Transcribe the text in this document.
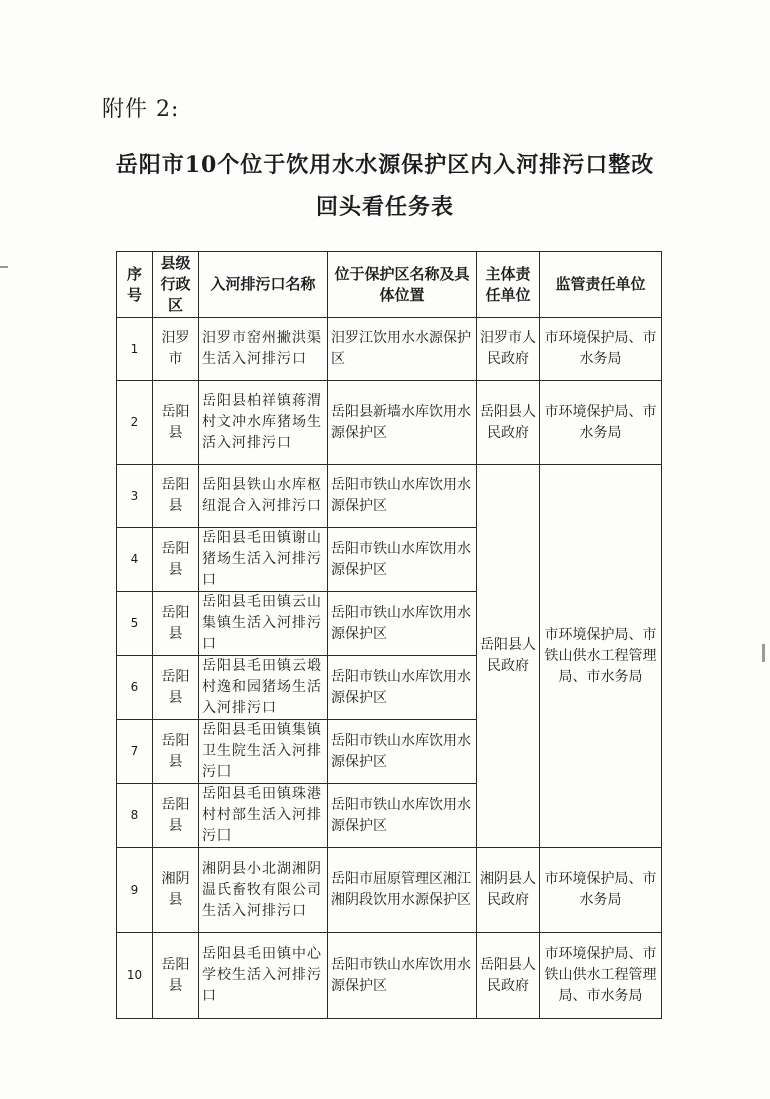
附件 2:
岳阳市10个位于饮用水水源保护区内入河排污口整改
回头看任务表
序号	县级行政区	入河排污口名称	位于保护区名称及具体位置	主体责任单位	监管责任单位
1	汨罗市	汨罗市窑州撇洪渠生活入河排污口	汨罗江饮用水水源保护区	汨罗市人民政府	市环境保护局、市水务局
2	岳阳县	岳阳县柏祥镇蒋渭村文冲水库猪场生活入河排污口	岳阳县新墙水库饮用水源保护区	岳阳县人民政府	市环境保护局、市水务局
3	岳阳县	岳阳县铁山水库枢纽混合入河排污口	岳阳市铁山水库饮用水源保护区	岳阳县人民政府	市环境保护局、市铁山供水工程管理局、市水务局
4	岳阳县	岳阳县毛田镇谢山猪场生活入河排污口	岳阳市铁山水库饮用水源保护区		
5	岳阳县	岳阳县毛田镇云山集镇生活入河排污口	岳阳市铁山水库饮用水源保护区		
6	岳阳县	岳阳县毛田镇云塅村逸和园猪场生活入河排污口	岳阳市铁山水库饮用水源保护区		
7	岳阳县	岳阳县毛田镇集镇卫生院生活入河排污囗	岳阳市铁山水库饮用水源保护区		
8	岳阳县	岳阳县毛田镇珠港村村部生活入河排污囗	岳阳市铁山水库饮用水源保护区		
9	湘阴县	湘阴县小北湖湘阴温氏畜牧有限公司生活入河排污口	岳阳市屈原管理区湘江湘阴段饮用水源保护区	湘阴县人民政府	市环境保护局、市水务局
10	岳阳县	岳阳县毛田镇中心学校生活入河排污口	岳阳市铁山水库饮用水源保护区	岳阳县人民政府	市环境保护局、市铁山供水工程管理局、市水务局
